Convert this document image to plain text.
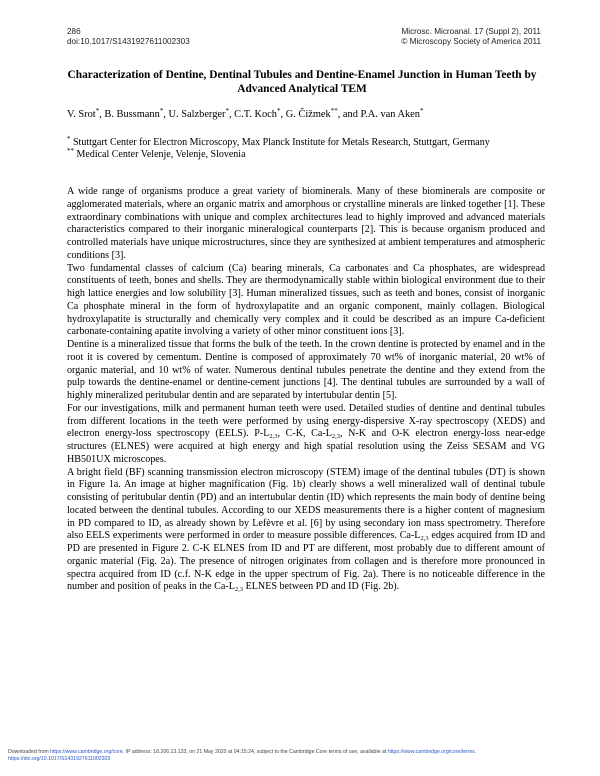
286
doi:10.1017/S1431927611002303
Microsc. Microanal. 17 (Suppl 2), 2011
© Microscopy Society of America 2011
Characterization of Dentine, Dentinal Tubules and Dentine-Enamel Junction in Human Teeth by Advanced Analytical TEM
V. Srot*, B. Bussmann*, U. Salzberger*, C.T. Koch*, G. Čižmek**, and P.A. van Aken*

* Stuttgart Center for Electron Microscopy, Max Planck Institute for Metals Research, Stuttgart, Germany

** Medical Center Velenje, Velenje, Slovenia

A wide range of organisms produce a great variety of biominerals. Many of these biominerals are composite or agglomerated materials, where an organic matrix and amorphous or crystalline minerals are linked together [1]. These extraordinary combinations with unique and complex architectures lead to highly improved and advanced materials characteristics compared to their inorganic mineralogical counterparts [2]. This is because organism produced and controlled materials have unique microstructures, since they are synthesized at ambient temperatures and atmospheric conditions [3].

Two fundamental classes of calcium (Ca) bearing minerals, Ca carbonates and Ca phosphates, are widespread constituents of teeth, bones and shells. They are thermodynamically stable within biological environment due to their high lattice energies and low solubility [3]. Human mineralized tissues, such as teeth and bones, consist of inorganic Ca phosphate mineral in the form of hydroxylapatite and an organic component, mainly collagen. Biological hydroxylapatite is structurally and chemically very complex and it could be described as an impure Ca-deficient carbonate-containing apatite involving a variety of other minor constituent ions [3].

Dentine is a mineralized tissue that forms the bulk of the teeth. In the crown dentine is protected by enamel and in the root it is covered by cementum. Dentine is composed of approximately 70 wt% of inorganic material, 20 wt% of organic material, and 10 wt% of water. Numerous dentinal tubules penetrate the dentine and they extend from the pulp towards the dentine-enamel or dentine-cement junctions [4]. The dentinal tubules are surrounded by a wall of highly mineralized peritubular dentin and are separated by intertubular dentin [5].

For our investigations, milk and permanent human teeth were used. Detailed studies of dentine and dentinal tubules from different locations in the teeth were performed by using energy-dispersive X-ray spectroscopy (XEDS) and electron energy-loss spectroscopy (EELS). $P-L_{2,3}$, C-K, $Ca-L_{2,3}$, N-K and O-K electron energy-loss near-edge structures (ELNES) were acquired at high energy and high spatial resolution using the Zeiss SESAM and VG HB501UX microscopes.

A bright field (BF) scanning transmission electron microscopy (STEM) image of the dentinal tubules (DT) is shown in Figure 1a. An image at higher magnification (Fig. 1b) clearly shows a well mineralized wall of dentinal tubule consisting of peritubular dentin (PD) and an intertubular dentin (ID) which represents the main body of dentine being located between the dentinal tubules. According to our XEDS measurements there is a higher content of magnesium in PD compared to ID, as already shown by Lefèvre et al. [6] by using secondary ion mass spectrometry. Therefore also EELS experiments were performed in order to measure possible differences. $Ca-L_{2,3}$ edges acquired from ID and PD are presented in Figure 2. C-K ELNES from ID and PT are different, most probably due to different amount of organic material (Fig. 2a). The presence of nitrogen originates from collagen and is therefore more pronounced in spectra acquired from ID (c.f. N-K edge in the upper spectrum of Fig. 2a). There is no noticeable difference in the number and position of peaks in the $Ca-L_{2,3}$ ELNES between PD and ID (Fig. 2b).

Downloaded from https://www.cambridge.org/core. IP address: 18.206.13.133, on 21 May 2020 at 04:15:24, subject to the Cambridge Core terms of use, available at https://www.cambridge.org/core/terms.
https://doi.org/10.1017/S1431927611002303
